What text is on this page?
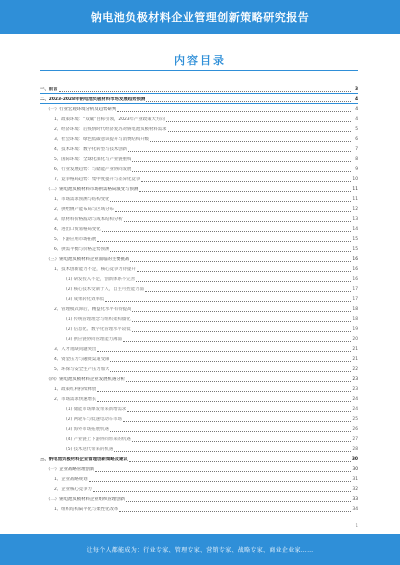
钠电池负极材料企业管理创新策略研究报告
内容目录
一、前言	3
二、2023-2028年钠电池负极材料市场发展趋势预测	4
（一）行业宏观环境分析及趋势研判	4
1、政策环境：“双碳”目标引领，2023年产业政策大方向	4
2、经济环境：后疫情时代经济复苏对钠电池负极材料需求	5
3、社会环境：绿色低碳意识提升与消费结构升级	6
4、技术环境：数字化转型与技术创新	7
5、国际环境：全球化深化与产业链重构	8
6、行业发展趋势：与储能产业协同发展	9
7、竞争格局趋势：集中度提升与差异化竞争	10
（二）钠电池负极材料市场供需格局演变与预测	11
1、市场需求预测与结构变化	11
2、供给侧产能布局与区域分布	12
3、原材料价格波动与成本结构分析	13
4、进出口贸易格局变化	14
5、下游应用市场拓展	15
6、供需平衡与价格走势预测	15
（三）钠电池负极材料企业面临的主要挑战	16
1、技术创新能力不足，核心竞争力待提升	16
(1) 研发投入不足，创新体系不完善	16
(2) 核心技术受制于人，自主可控能力弱	17
(3) 成果转化效率低	17
2、管理模式滞后，精益化水平有待提高	18
(1) 传统管理理念与组织架构僵化	18
(2) 信息化、数字化管理水平较低	19
(3) 供应链协同管理能力薄弱	20
3、人才短缺问题突出	21
4、资金压力与融资渠道受限	21
5、环保与安全生产压力加大	22
（四）钠电池负极材料企业发展机遇分析	23
1、政策红利持续释放	23
2、市场需求快速增长	24
(1) 储能市场爆发带来新增需求	24
(2) 两轮车与低速电动车市场	25
(3) 海外市场拓展机遇	26
(4) 产业链上下游协同带来的机遇	27
(5) 技术迭代带来的机遇	28
三、钠电池负极材料企业管理创新策略及建议	30
（一）企业战略管理创新	30
1、企业战略规划	31
2、企业核心竞争力	32
（二）钠电池负极材料企业组织管理创新	33
1、组织结构扁平化与柔性化改革	34
1
让每个人都能成为：行业专家、管理专家、营销专家、战略专家、商业企业家……
